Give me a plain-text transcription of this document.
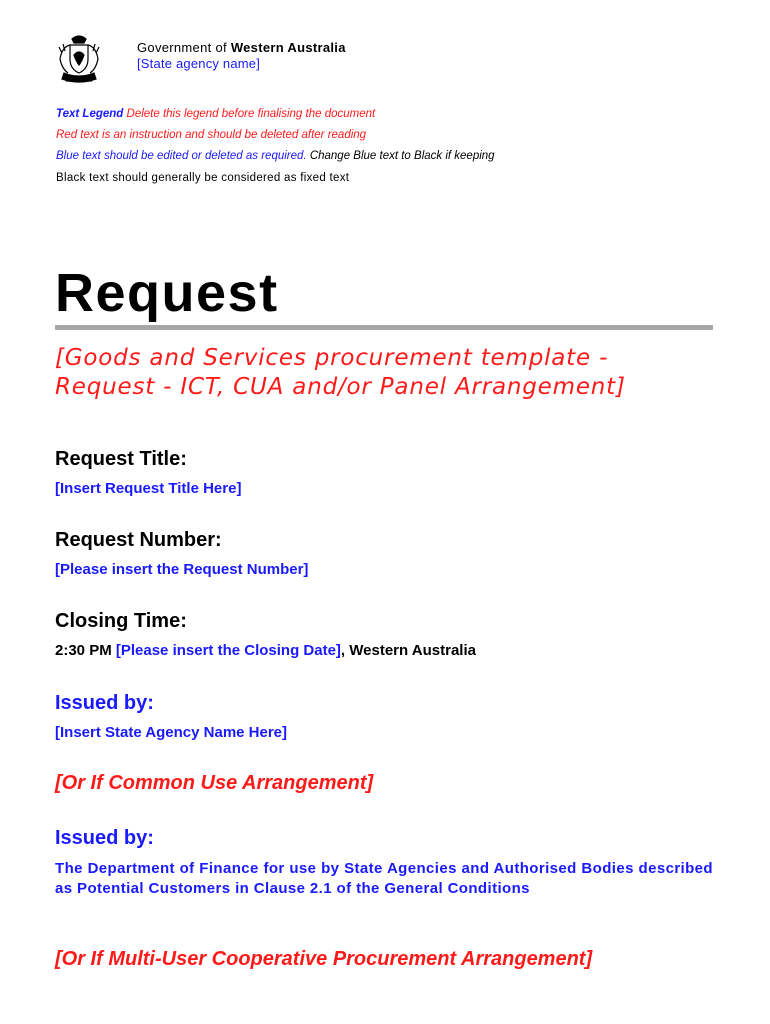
Government of Western Australia
[State agency name]
Text Legend Delete this legend before finalising the document
Red text is an instruction and should be deleted after reading
Blue text should be edited or deleted as required. Change Blue text to Black if keeping
Black text should generally be considered as fixed text
Request
[Goods and Services procurement template - Request - ICT, CUA and/or Panel Arrangement]
Request Title:
[Insert Request Title Here]
Request Number:
[Please insert the Request Number]
Closing Time:
2:30 PM [Please insert the Closing Date], Western Australia
Issued by:
[Insert State Agency Name Here]
[Or If Common Use Arrangement]
Issued by:
The Department of Finance for use by State Agencies and Authorised Bodies described as Potential Customers in Clause 2.1 of the General Conditions
[Or If Multi-User Cooperative Procurement Arrangement]
